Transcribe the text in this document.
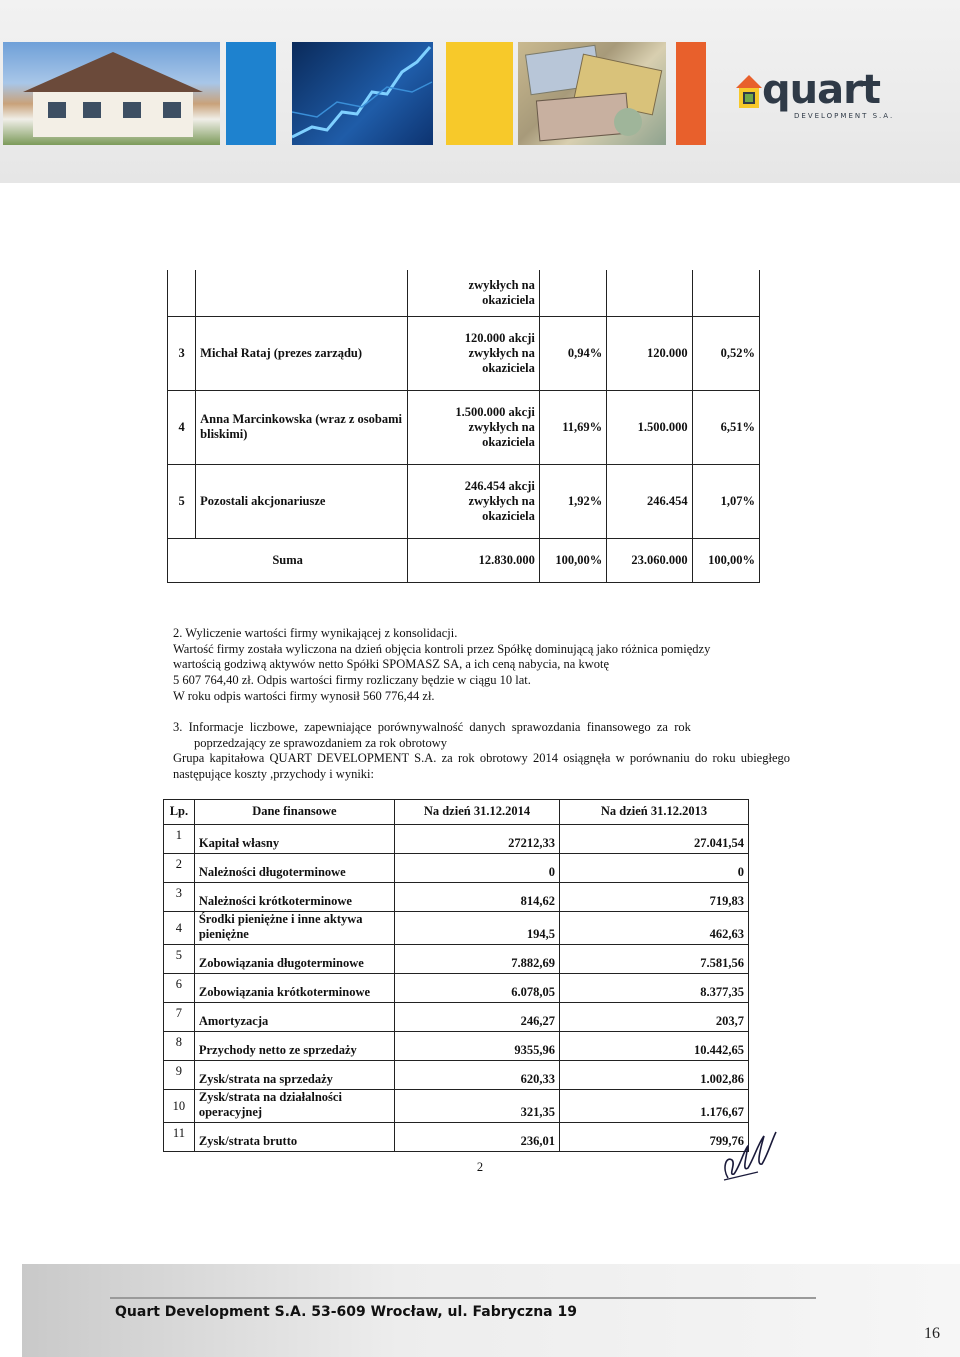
quart
DEVELOPMENT S.A.

		zwykłych na
okaziciela			

3	Michał Rataj (prezes zarządu)	120.000 akcji
zwykłych na
okaziciela	0,94%	120.000	0,52%
4	Anna Marcinkowska (wraz z osobami bliskimi)	1.500.000 akcji
zwykłych na
okaziciela	11,69%	1.500.000	6,51%
5	Pozostali akcjonariusze	246.454 akcji
zwykłych na
okaziciela	1,92%	246.454	1,07%
Suma		12.830.000	100,00%	23.060.000	100,00%
2. Wyliczenie wartości firmy wynikającej z konsolidacji.
Wartość firmy została wyliczona na dzień objęcia kontroli przez Spółkę dominującą jako różnica pomiędzy
wartością godziwą aktywów netto Spółki SPOMASZ SA, a ich ceną nabycia, na kwotę
5 607 764,40 zł. Odpis wartości firmy rozliczany będzie w ciągu 10 lat.
W roku odpis wartości firmy wynosił 560 776,44 zł.
3.  Informacje  liczbowe,  zapewniające  porównywalność  danych  sprawozdania  finansowego  za  rok
poprzedzający ze sprawozdaniem za rok obrotowy
Grupa kapitałowa QUART DEVELOPMENT S.A. za rok obrotowy 2014 osiągnęła w porównaniu do roku ubiegłego następujące koszty ,przychody i wyniki:
Lp.	Dane finansowe	Na dzień 31.12.2014	Na dzień 31.12.2013
1	Kapitał własny	27212,33	27.041,54
2	Należności długoterminowe	0	0
3	Należności krótkoterminowe	814,62	719,83
4	Środki pieniężne i inne aktywa pieniężne	194,5	462,63
5	Zobowiązania długoterminowe	7.882,69	7.581,56
6	Zobowiązania krótkoterminowe	6.078,05	8.377,35
7	Amortyzacja	246,27	203,7
8	Przychody netto ze sprzedaży	9355,96	10.442,65
9	Zysk/strata na sprzedaży	620,33	1.002,86
10	Zysk/strata na działalności operacyjnej	321,35	1.176,67
11	Zysk/strata brutto	236,01	799,76
2
Quart Development S.A. 53-609 Wrocław, ul. Fabryczna 19
16
